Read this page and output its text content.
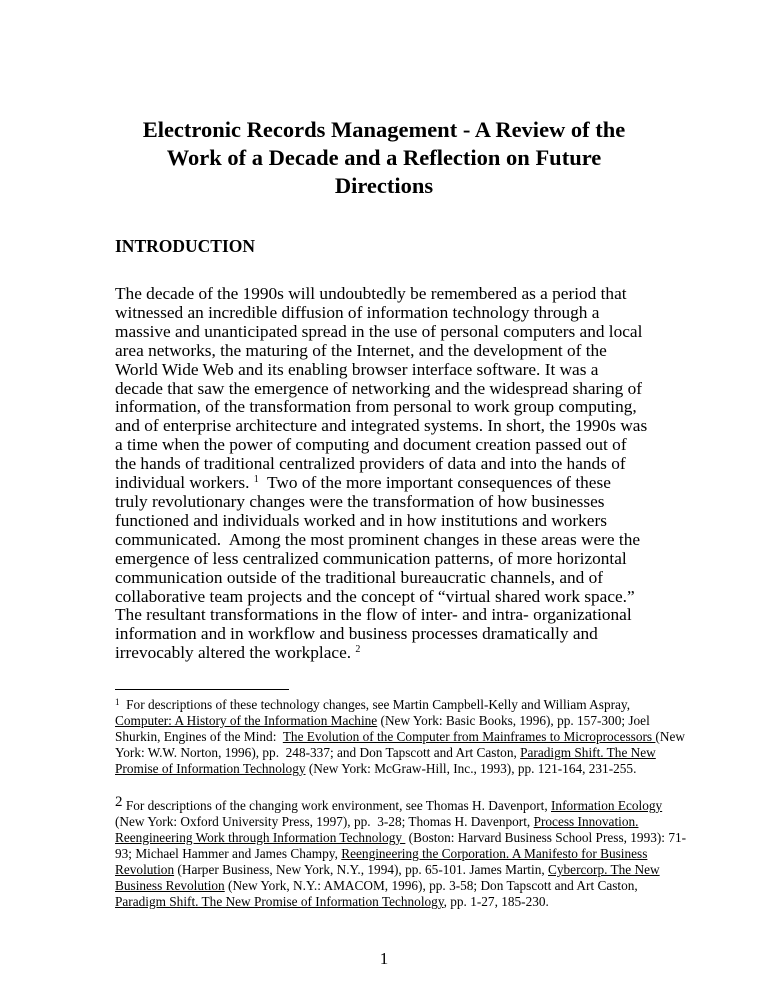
Electronic Records Management - A Review of the
Work of a Decade and a Reflection on Future
Directions
INTRODUCTION
The decade of the 1990s will undoubtedly be remembered as a period that
witnessed an incredible diffusion of information technology through a
massive and unanticipated spread in the use of personal computers and local
area networks, the maturing of the Internet, and the development of the
World Wide Web and its enabling browser interface software. It was a
decade that saw the emergence of networking and the widespread sharing of
information, of the transformation from personal to work group computing,
and of enterprise architecture and integrated systems. In short, the 1990s was
a time when the power of computing and document creation passed out of
the hands of traditional centralized providers of data and into the hands of
individual workers. $^1$  Two of the more important consequences of these
truly revolutionary changes were the transformation of how businesses
functioned and individuals worked and in how institutions and workers
communicated.  Among the most prominent changes in these areas were the
emergence of less centralized communication patterns, of more horizontal
communication outside of the traditional bureaucratic channels, and of
collaborative team projects and the concept of “virtual shared work space.”
The resultant transformations in the flow of inter- and intra- organizational
information and in workflow and business processes dramatically and
irrevocably altered the workplace. $^2$
$^1$  For descriptions of these technology changes, see Martin Campbell-Kelly and William Aspray,
Computer: A History of the Information Machine (New York: Basic Books, 1996), pp. 157-300; Joel
Shurkin, Engines of the Mind:  The Evolution of the Computer from Mainframes to Microprocessors (New
York: W.W. Norton, 1996), pp.  248-337; and Don Tapscott and Art Caston, Paradigm Shift. The New
Promise of Information Technology (New York: McGraw-Hill, Inc., 1993), pp. 121-164, 231-255.
2 For descriptions of the changing work environment, see Thomas H. Davenport, Information Ecology
(New York: Oxford University Press, 1997), pp.  3-28; Thomas H. Davenport, Process Innovation.
Reengineering Work through Information Technology  (Boston: Harvard Business School Press, 1993): 71-
93; Michael Hammer and James Champy, Reengineering the Corporation. A Manifesto for Business
Revolution (Harper Business, New York, N.Y., 1994), pp. 65-101. James Martin, Cybercorp. The New
Business Revolution (New York, N.Y.: AMACOM, 1996), pp. 3-58; Don Tapscott and Art Caston,
Paradigm Shift. The New Promise of Information Technology, pp. 1-27, 185-230.
1
